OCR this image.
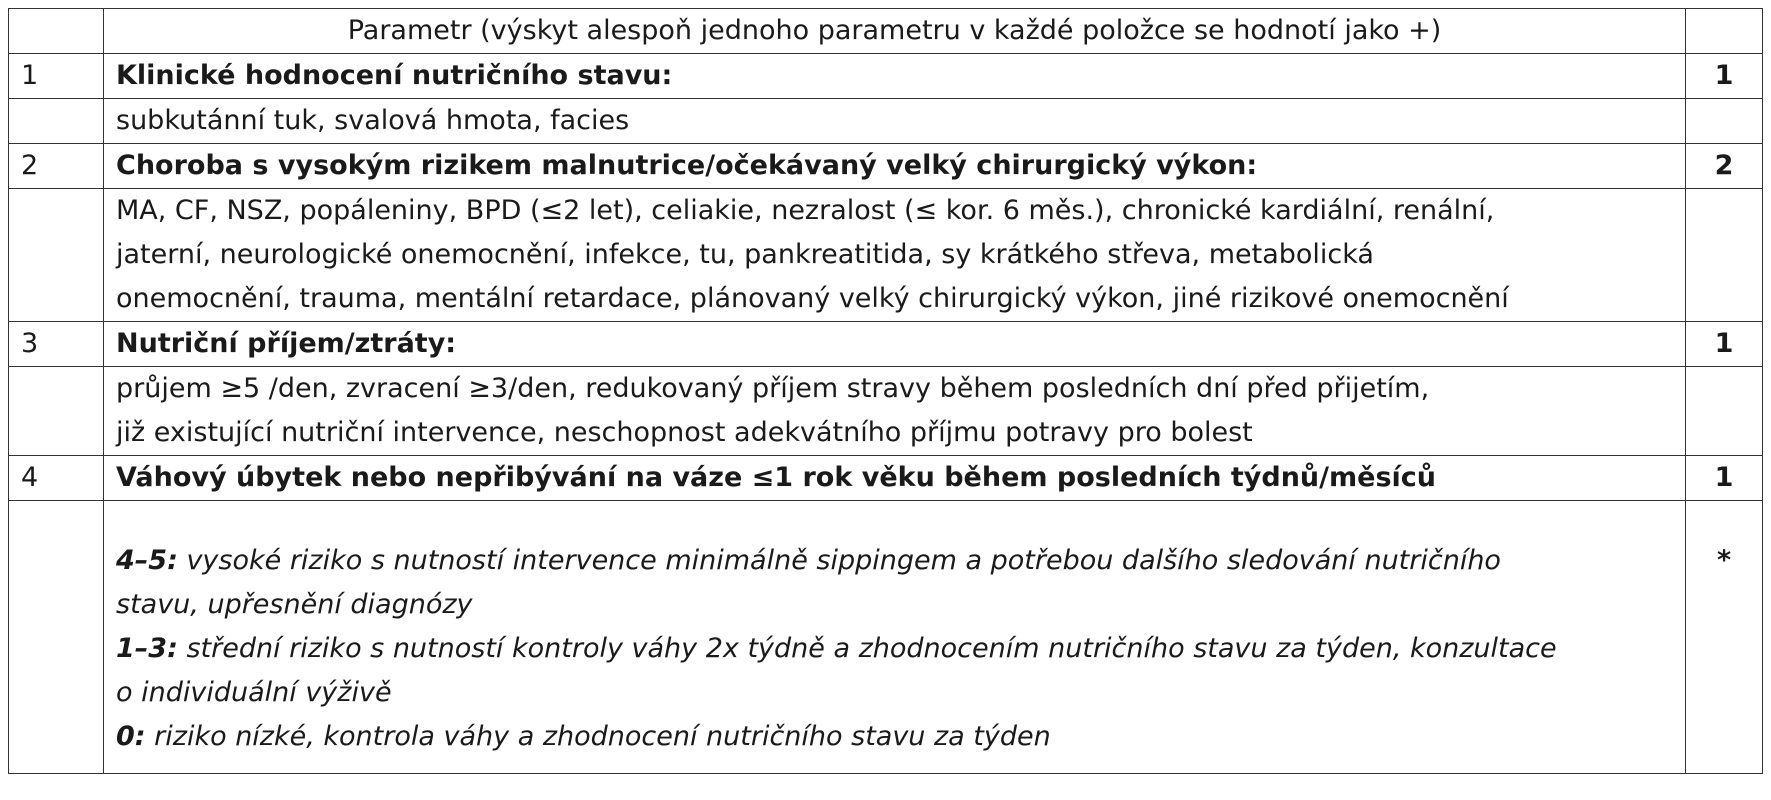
	Parametr (výskyt alespoň jednoho parametru v každé položce se hodnotí jako +)	
1	Klinické hodnocení nutričního stavu:	1

	subkutánní tuk, svalová hmota, facies	

2	Choroba s vysokým rizikem malnutrice/očekávaný velký chirurgický výkon:	2

	MA, CF, NSZ, popáleniny, BPD (≤2 let), celiakie, nezralost (≤ kor. 6 měs.), chronické kardiální, renální,
jaterní, neurologické onemocnění, infekce, tu, pankreatitida, sy krátkého střeva, metabolická
onemocnění, trauma, mentální retardace, plánovaný velký chirurgický výkon, jiné rizikové onemocnění	

3	Nutriční příjem/ztráty:	1

	průjem ≥5 /den, zvracení ≥3/den, redukovaný příjem stravy během posledních dní před přijetím,
již existující nutriční intervence, neschopnost adekvátního příjmu potravy pro bolest	

4	Váhový úbytek nebo nepřibývání na váze ≤1 rok věku během posledních týdnů/měsíců	1

	4–5: vysoké riziko s nutností intervence minimálně sippingem a potřebou dalšího sledování nutričního
stavu, upřesnění diagnózy
1–3: střední riziko s nutností kontroly váhy 2x týdně a zhodnocením nutričního stavu za týden, konzultace
o individuální výživě
0: riziko nízké, kontrola váhy a zhodnocení nutričního stavu za týden	*
